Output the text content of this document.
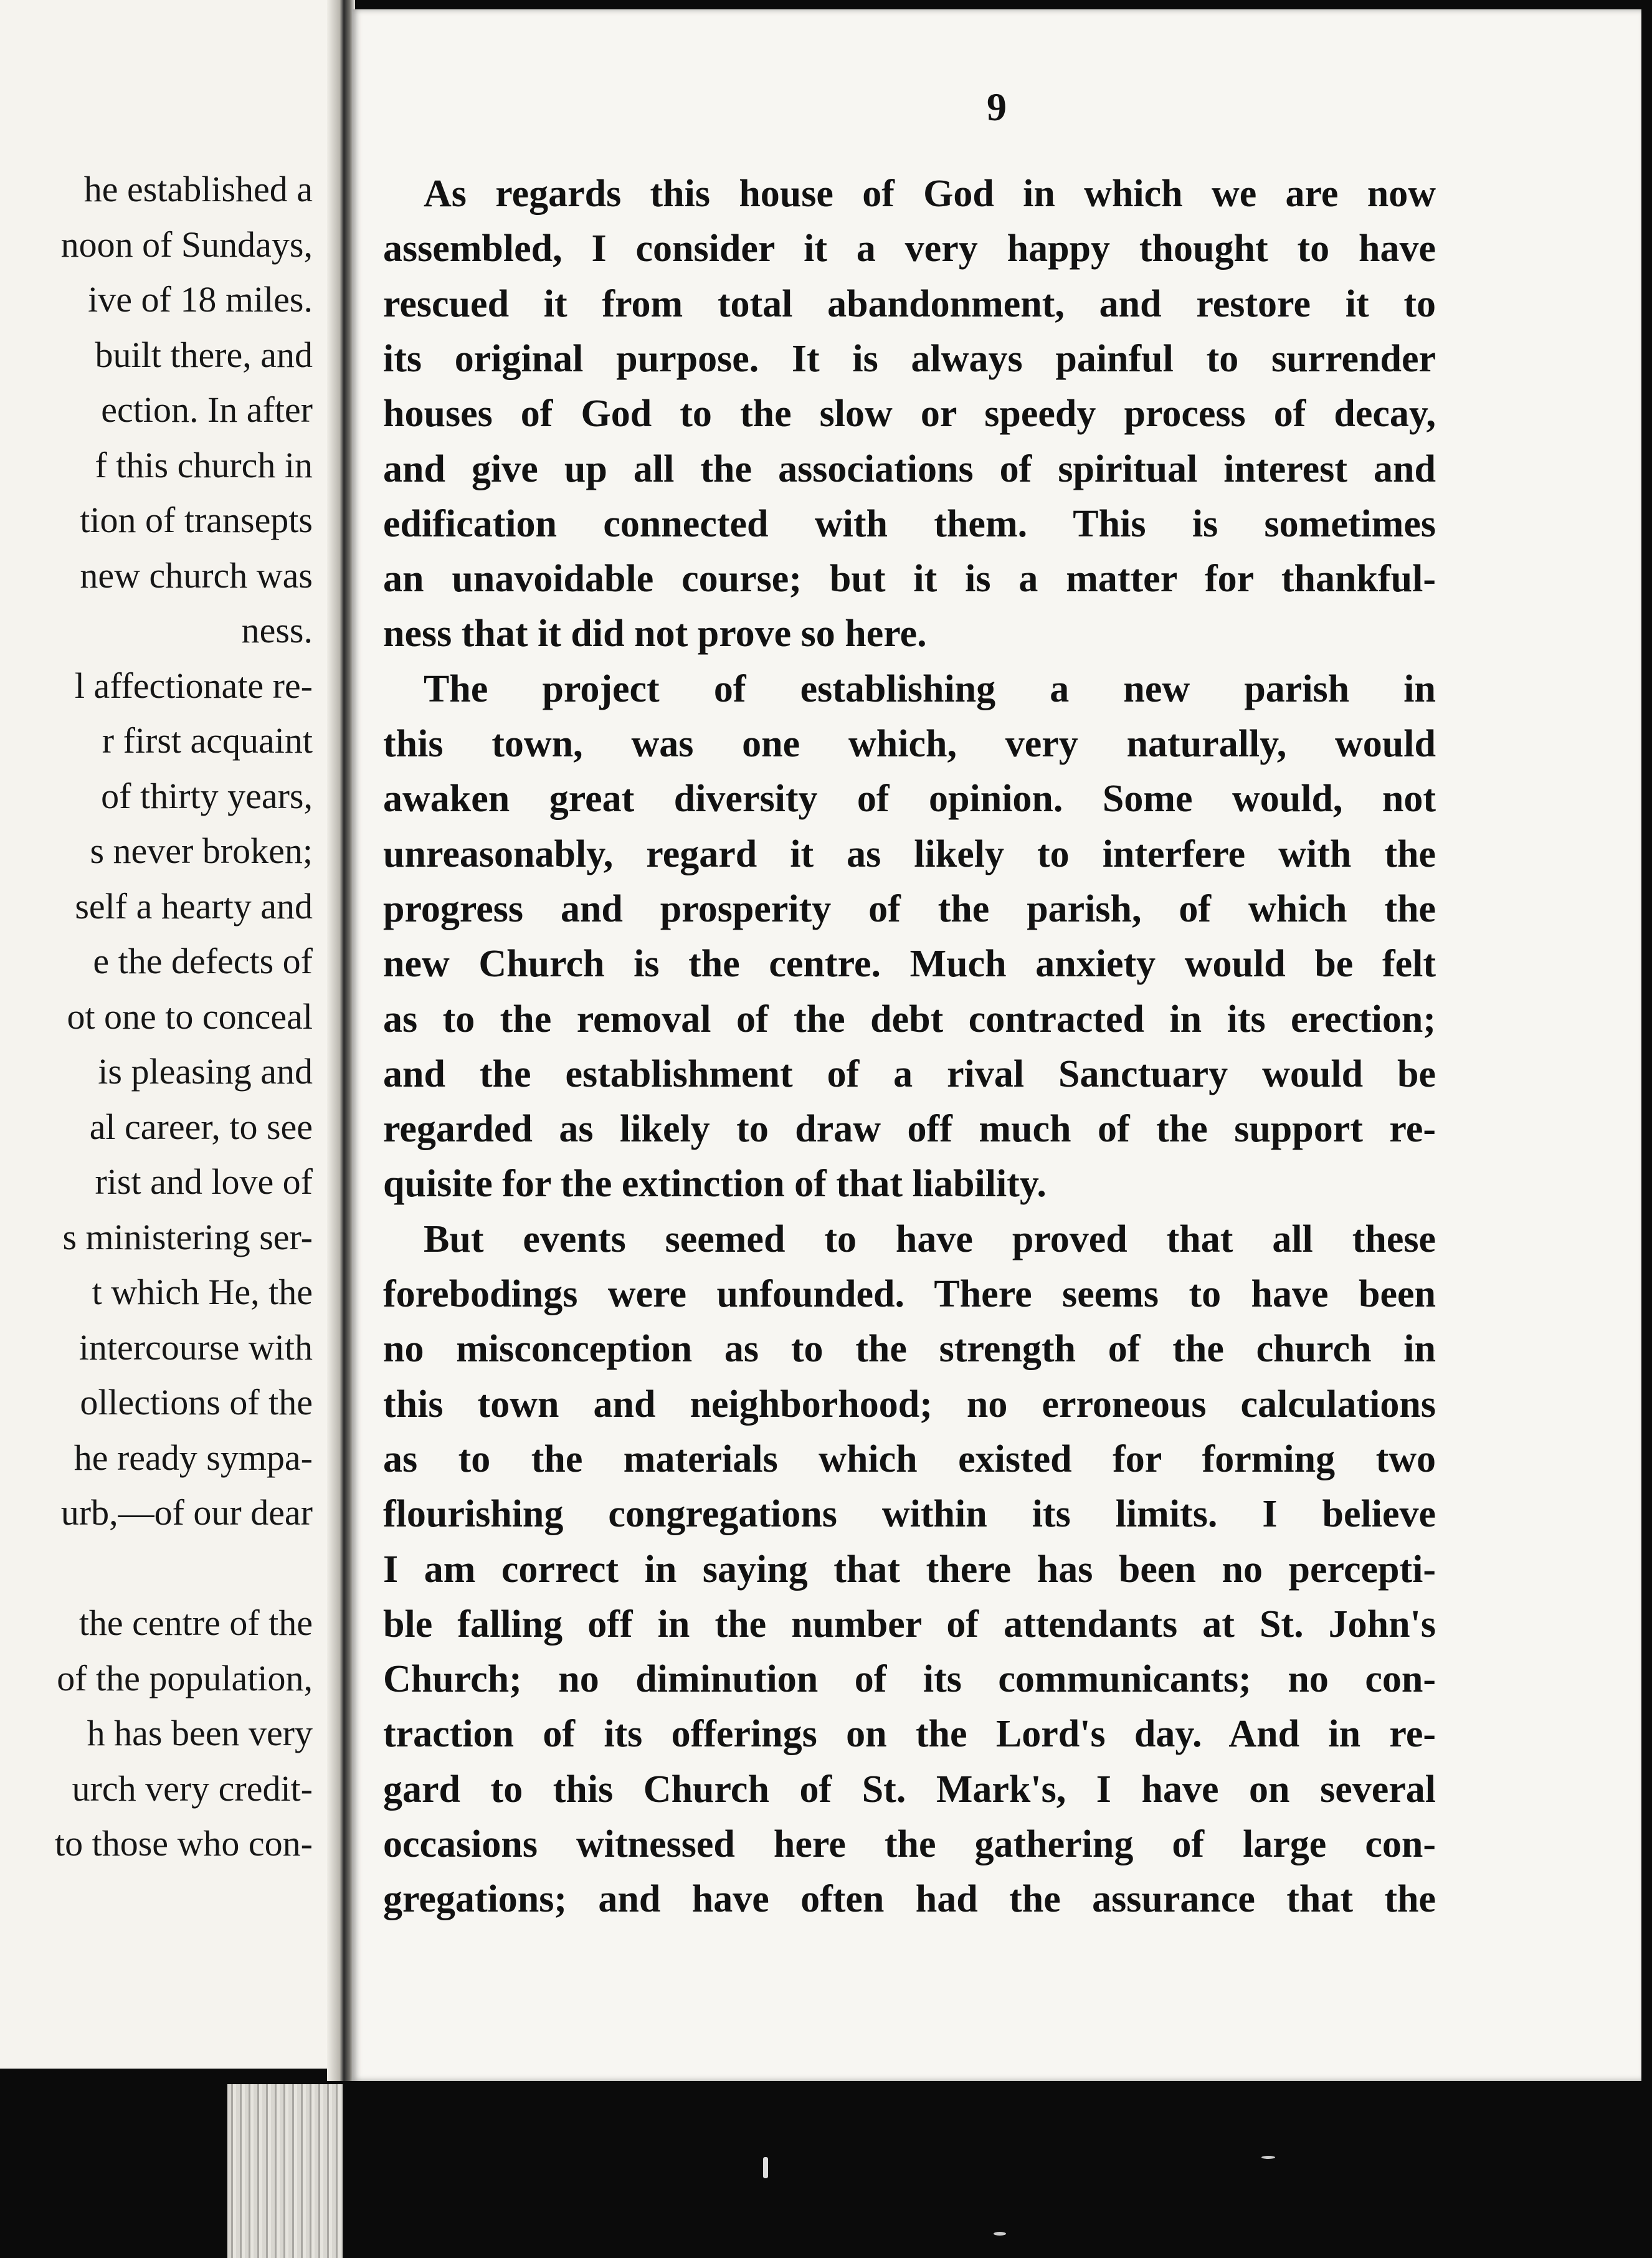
he established a
noon of Sundays,
ive of 18 miles.
built there, and
ection. In after
f this church in
tion of transepts
new church was
ness.
l affectionate re-
r first acquaint
of thirty years,
s never broken;
self a hearty and
e the defects of
ot one to conceal
is pleasing and
al career, to see
rist and love of
s ministering ser-
t which He, the
intercourse with
ollections of the
he ready sympa-
urb,—of our dear
the centre of the
of the population,
h has been very
urch very credit-
to those who con-
9
As regards this house of God in which we are now
assembled, I consider it a very happy thought to have
rescued it from total abandonment, and restore it to
its original purpose. It is always painful to surrender
houses of God to the slow or speedy process of decay,
and give up all the associations of spiritual interest and
edification connected with them. This is sometimes
an unavoidable course; but it is a matter for thankful-
ness that it did not prove so here.
The project of establishing a new parish in
this town, was one which, very naturally, would
awaken great diversity of opinion. Some would, not
unreasonably, regard it as likely to interfere with the
progress and prosperity of the parish, of which the
new Church is the centre. Much anxiety would be felt
as to the removal of the debt contracted in its erection;
and the establishment of a rival Sanctuary would be
regarded as likely to draw off much of the support re-
quisite for the extinction of that liability.
But events seemed to have proved that all these
forebodings were unfounded. There seems to have been
no misconception as to the strength of the church in
this town and neighborhood; no erroneous calculations
as to the materials which existed for forming two
flourishing congregations within its limits. I believe
I am correct in saying that there has been no percepti-
ble falling off in the number of attendants at St. John's
Church; no diminution of its communicants; no con-
traction of its offerings on the Lord's day. And in re-
gard to this Church of St. Mark's, I have on several
occasions witnessed here the gathering of large con-
gregations; and have often had the assurance that the
